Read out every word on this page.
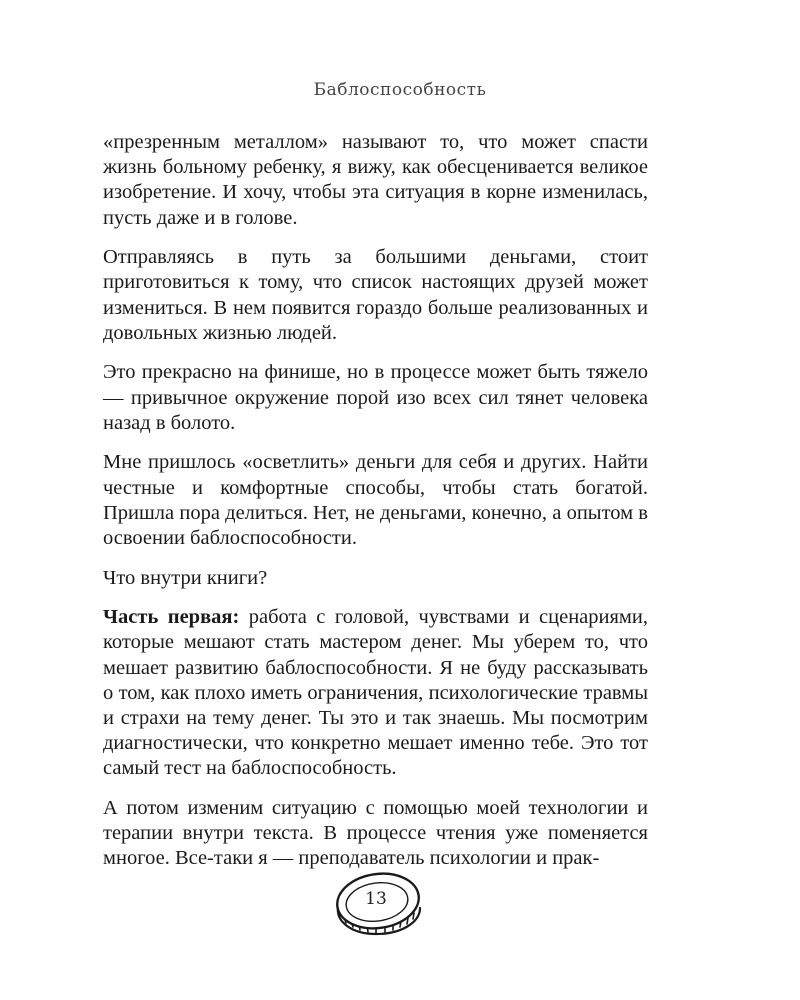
Баблоспособность

«презренным металлом» называют то, что может спасти жизнь больному ребенку, я вижу, как обесценивается великое изобретение. И хочу, чтобы эта ситуация в корне изменилась, пусть даже и в голове.

Отправляясь в путь за большими деньгами, стоит приготовиться к тому, что список настоящих друзей может измениться. В нем появится гораздо больше реализованных и довольных жизнью людей.

Это прекрасно на финише, но в процессе может быть тяжело — привычное окружение порой изо всех сил тянет человека назад в болото.

Мне пришлось «осветлить» деньги для себя и других. Найти честные и комфортные способы, чтобы стать богатой. Пришла пора делиться. Нет, не деньгами, конечно, а опытом в освоении баблоспособности.

Что внутри книги?

Часть первая: работа с головой, чувствами и сценариями, которые мешают стать мастером денег. Мы уберем то, что мешает развитию баблоспособности. Я не буду рассказывать о том, как плохо иметь ограничения, психологические травмы и страхи на тему денег. Ты это и так знаешь. Мы посмотрим диагностически, что конкретно мешает именно тебе. Это тот самый тест на баблоспособность.

А потом изменим ситуацию с помощью моей технологии и терапии внутри текста. В процессе чтения уже поменяется многое. Все-таки я — преподаватель психологии и прак-

13
